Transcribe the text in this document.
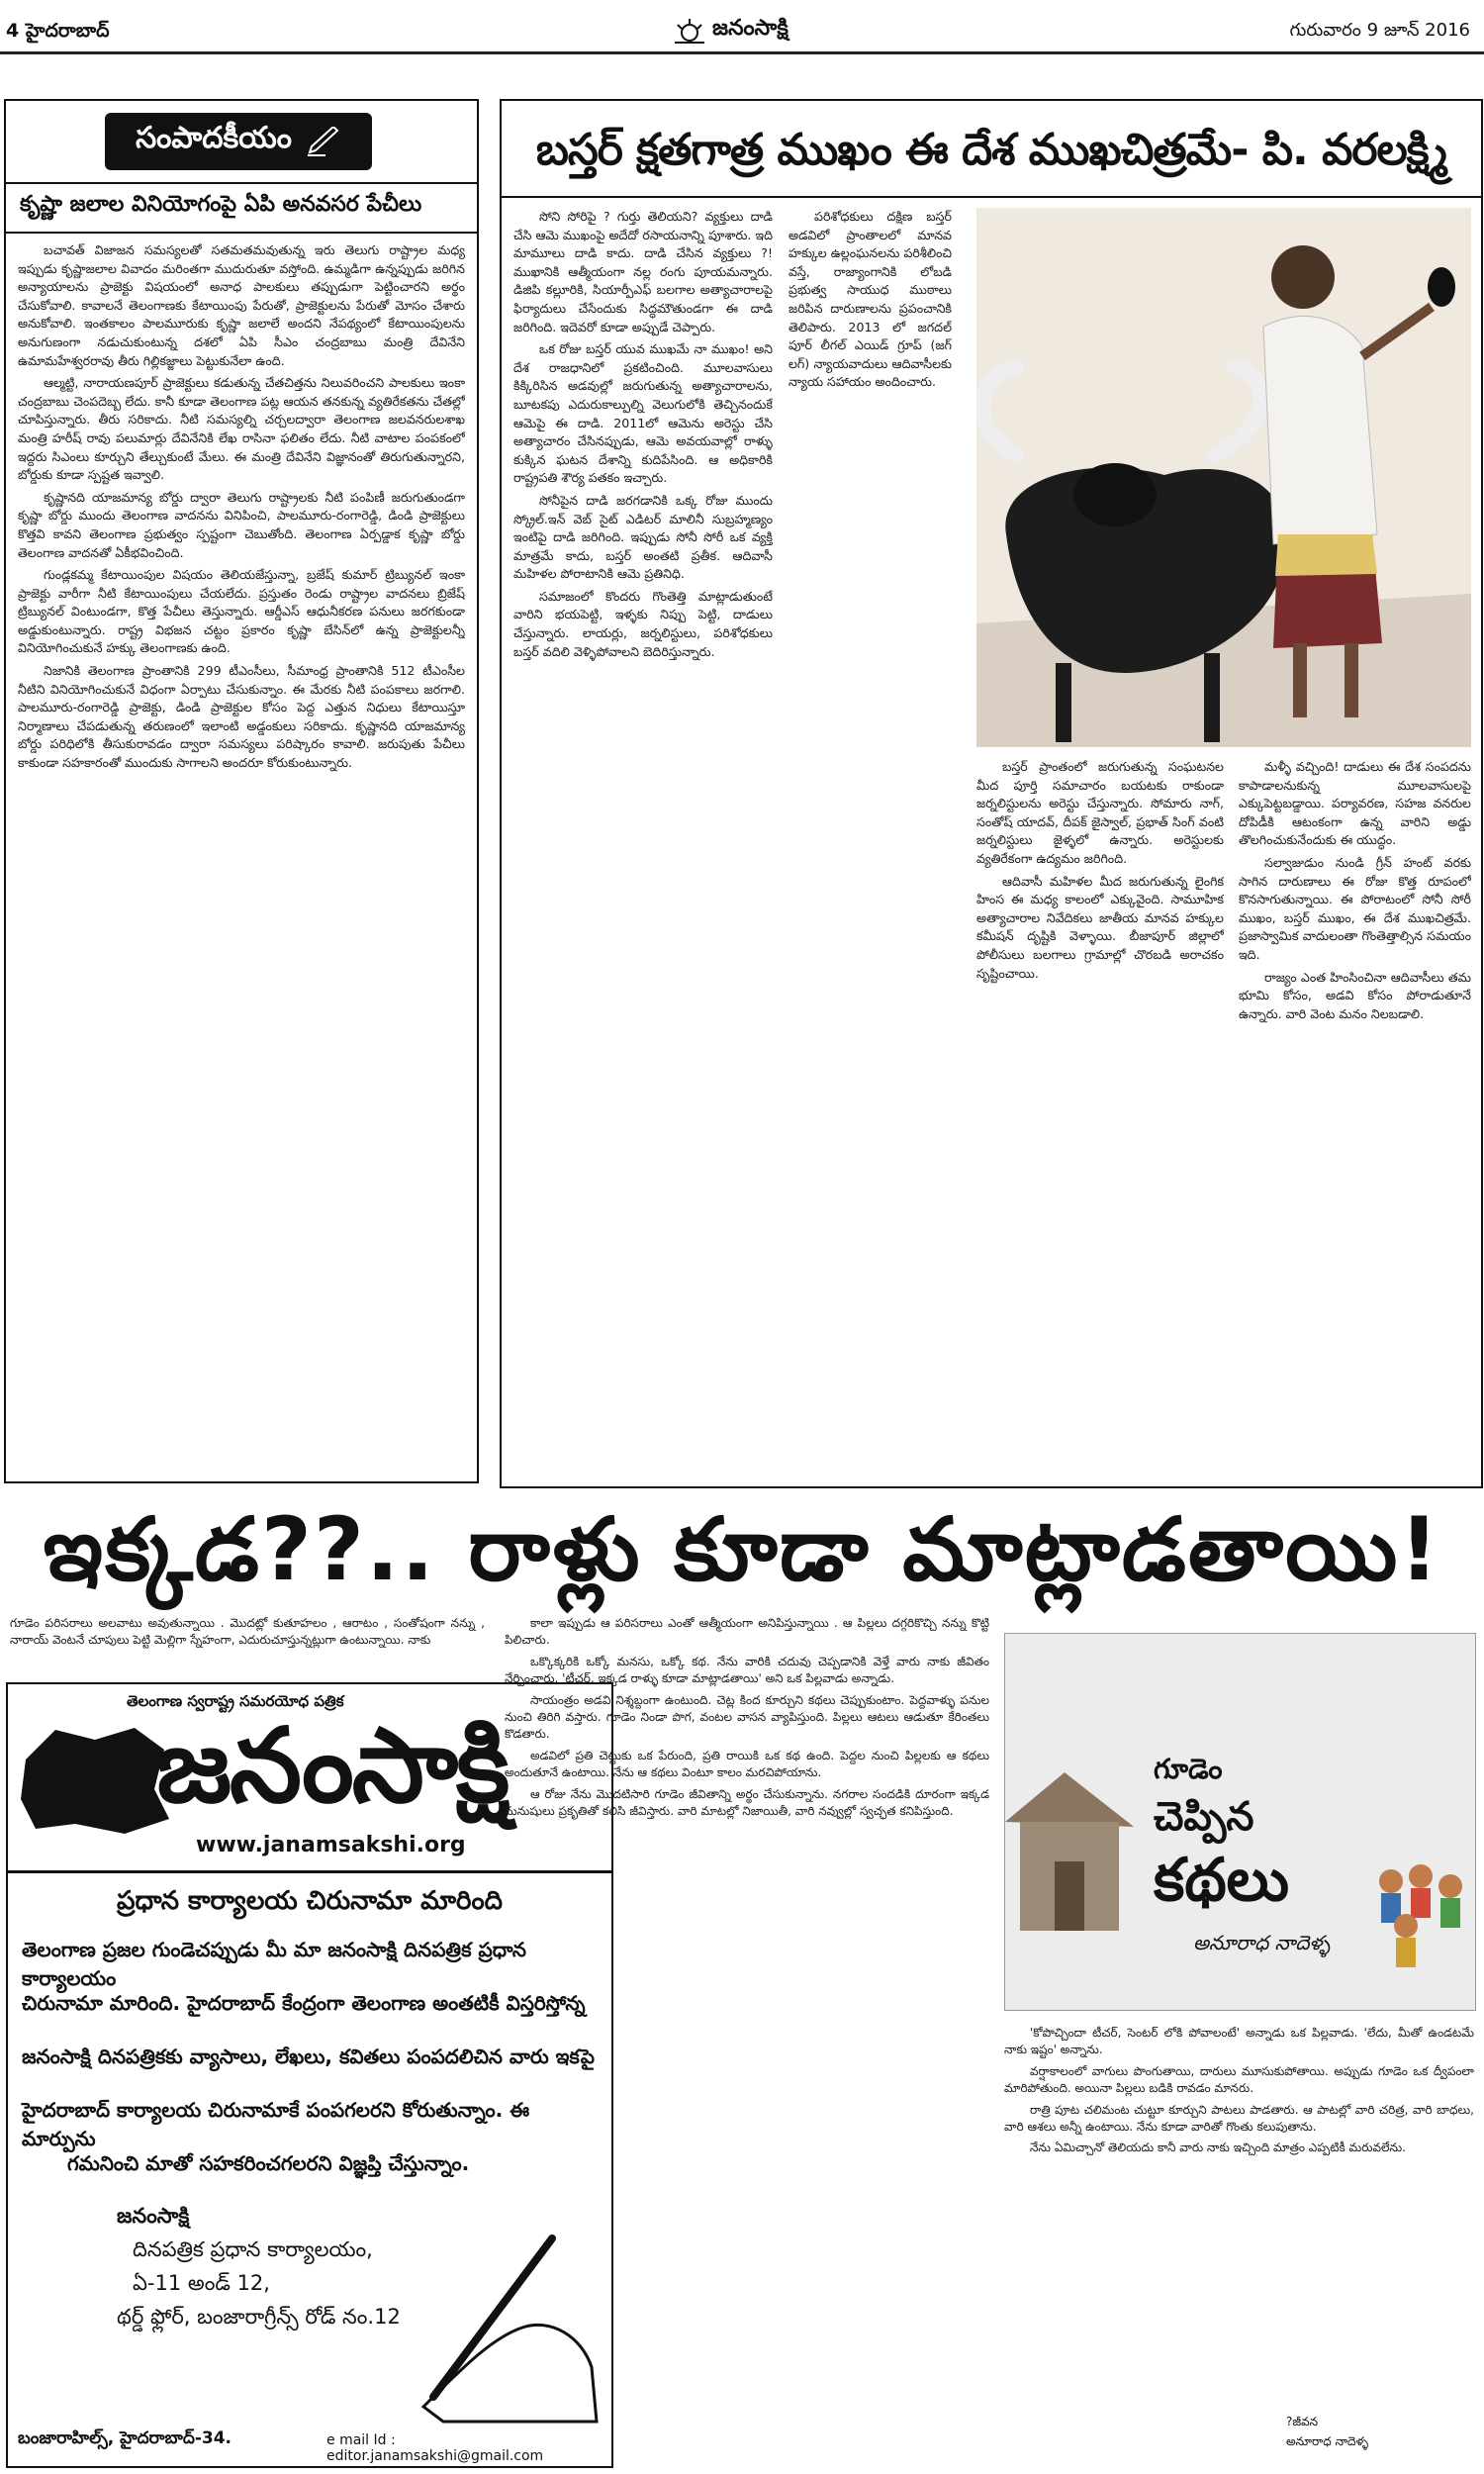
4 హైదరాబాద్	జనంసాక్షి	గురువారం 9 జూన్ 2016
సంపాదకీయం
కృష్ణా జలాల వినియోగంపై ఏపి అనవసర పేచీలు

బచావత్ విజాజన సమస్యలతో సతమతమవుతున్న ఇరు తెలుగు రాష్ట్రాల మధ్య ఇప్పుడు కృష్ణాజలాల వివాదం మరింతగా ముదురుతూ వస్తోంది. ఉమ్మడిగా ఉన్నప్పుడు జరిగిన అన్యాయాలను ప్రాజెక్టు విషయంలో అనాధ పాలకులు తప్పుడుగా పెట్టించారని అర్థం చేసుకోవాలి. కావాలనే తెలంగాణకు కేటాయింపు పేరుతో, ప్రాజెక్టులను పేరుతో మోసం చేశారు అనుకోవాలి. ఇంతకాలం పాలమూరుకు కృష్ణా జలాలే అందని నేపథ్యంలో కేటాయింపులను అనుగుణంగా నడుచుకుంటున్న దశలో ఏపి సీఎం చంద్రబాబు మంత్రి దేవినేని ఉమామహేశ్వరరావు తీరు గిల్లికజ్జాలు పెట్టుకునేలా ఉంది.

ఆల్మట్టి, నారాయణపూర్ ప్రాజెక్టులు కడుతున్న చేతచిత్తను నిలువరించని పాలకులు ఇంకా చంద్రబాబు చెంపదెబ్బ లేదు. కానీ కూడా తెలంగాణ పట్ల ఆయన తనకున్న వ్యతిరేకతను చేతల్లో చూపిస్తున్నారు. తీరు సరికాదు. నీటి సమస్యల్ని చర్చలద్వారా తెలంగాణ జలవనరులశాఖ మంత్రి హరీష్ రావు పలుమార్లు దేవినేనికి లేఖ రాసినా ఫలితం లేదు. నీటి వాటాల పంపకంలో ఇద్దరు సిఎంలు కూర్చుని తేల్చుకుంటే మేలు. ఈ మంత్రి దేవినేని విజ్ఞానంతో తిరుగుతున్నారని, బోర్డుకు కూడా స్పష్టత ఇవ్వాలి.

కృష్ణానది యాజమాన్య బోర్డు ద్వారా తెలుగు రాష్ట్రాలకు నీటి పంపిణీ జరుగుతుండగా కృష్ణా బోర్డు ముందు తెలంగాణ వాదనను వినిపించి, పాలమూరు-రంగారెడ్డి, డిండి ప్రాజెక్టులు కొత్తవి కావని తెలంగాణ ప్రభుత్వం స్పష్టంగా చెబుతోంది. తెలంగాణ ఏర్పడ్డాక కృష్ణా బోర్డు తెలంగాణ వాదనతో ఏకీభవించింది.

గుండ్లకమ్మ కేటాయింపుల విషయం తెలియజేస్తున్నా, బ్రజేష్ కుమార్ ట్రిబ్యునల్ ఇంకా ప్రాజెక్టు వారీగా నీటి కేటాయింపులు చేయలేదు. ప్రస్తుతం రెండు రాష్ట్రాల వాదనలు బ్రిజేష్ ట్రిబ్యునల్ వింటుండగా, కొత్త పేచీలు తెస్తున్నారు. ఆర్డీఎస్ ఆధునీకరణ పనులు జరగకుండా అడ్డుకుంటున్నారు. రాష్ట్ర విభజన చట్టం ప్రకారం కృష్ణా బేసిన్‌లో ఉన్న ప్రాజెక్టులన్నీ వినియోగించుకునే హక్కు తెలంగాణకు ఉంది.

నిజానికి తెలంగాణ ప్రాంతానికి 299 టీఎంసీలు, సీమాంధ్ర ప్రాంతానికి 512 టీఎంసీల నీటిని వినియోగించుకునే విధంగా ఏర్పాటు చేసుకున్నాం. ఈ మేరకు నీటి పంపకాలు జరగాలి. పాలమూరు-రంగారెడ్డి ప్రాజెక్టు, డిండి ప్రాజెక్టుల కోసం పెద్ద ఎత్తున నిధులు కేటాయిస్తూ నిర్మాణాలు చేపడుతున్న తరుణంలో ఇలాంటి అడ్డంకులు సరికాదు. కృష్ణానది యాజమాన్య బోర్డు పరిధిలోకి తీసుకురావడం ద్వారా సమస్యలు పరిష్కారం కావాలి. జరుపుతు పేచీలు కాకుండా సహకారంతో ముందుకు సాగాలని అందరూ కోరుకుంటున్నారు.

బస్తర్ క్షతగాత్ర ముఖం ఈ దేశ ముఖచిత్రమే- పి. వరలక్ష్మి

సోని సోరిపై ? గుర్తు తెలియని? వ్యక్తులు దాడి చేసి ఆమె ముఖంపై అదేదో రసాయనాన్ని పూశారు. ఇది మామూలు దాడి కాదు. దాడి చేసిన వ్యక్తులు ?! ముఖానికి ఆత్మీయంగా నల్ల రంగు పూయమన్నారు. డిజిపి కల్లూరికి, సియార్పీఎఫ్ బలగాల అత్యాచారాలపై ఫిర్యాదులు చేసేందుకు సిద్ధమౌతుండగా ఈ దాడి జరిగింది. ఇదెవరో కూడా అప్పుడే చెప్పారు.

ఒక రోజు బస్తర్ యువ ముఖమే నా ముఖం! అని దేశ రాజధానిలో ప్రకటించింది. మూలవాసులు కిక్కిరిసిన అడవుల్లో జరుగుతున్న అత్యాచారాలను, బూటకపు ఎదురుకాల్పుల్ని వెలుగులోకి తెచ్చినందుకే ఆమెపై ఈ దాడి. 2011లో ఆమెను అరెస్టు చేసి అత్యాచారం చేసినప్పుడు, ఆమె అవయవాల్లో రాళ్ళు కుక్కిన ఘటన దేశాన్ని కుదిపేసింది. ఆ అధికారికి రాష్ట్రపతి శౌర్య పతకం ఇచ్చారు.

సోనీపైన దాడి జరగడానికి ఒక్క రోజు ముందు స్క్రోల్.ఇన్ వెబ్ సైట్ ఎడిటర్ మాలినీ సుబ్రహ్మణ్యం ఇంటిపై దాడి జరిగింది. ఇప్పుడు సోనీ సోరీ ఒక వ్యక్తి మాత్రమే కాదు, బస్తర్ అంతటి ప్రతీక. ఆదివాసీ మహిళల పోరాటానికి ఆమె ప్రతినిధి.

సమాజంలో కొందరు గొంతెత్తి మాట్లాడుతుంటే వారిని భయపెట్టి, ఇళ్ళకు నిప్పు పెట్టి, దాడులు చేస్తున్నారు. లాయర్లు, జర్నలిస్టులు, పరిశోధకులు బస్తర్ వదిలి వెళ్ళిపోవాలని బెదిరిస్తున్నారు.

పరిశోధకులు దక్షిణ బస్తర్ అడవిలో ప్రాంతాలలో మానవ హక్కుల ఉల్లంఘనలను పరిశీలించి వస్తే, రాజ్యాంగానికి లోబడి ప్రభుత్వ సాయుధ ముఠాలు జరిపిన దారుణాలను ప్రపంచానికి తెలిపారు. 2013 లో జగదల్ పూర్ లీగల్ ఎయిడ్ గ్రూప్ (జగ్ లగ్) న్యాయవాదులు ఆదివాసీలకు న్యాయ సహాయం అందించారు.

బస్తర్ ప్రాంతంలో జరుగుతున్న సంఘటనల మీద పూర్తి సమాచారం బయటకు రాకుండా జర్నలిస్టులను అరెస్టు చేస్తున్నారు. సోమారు నాగ్, సంతోష్ యాదవ్, దీపక్ జైస్వాల్, ప్రభాత్ సింగ్ వంటి జర్నలిస్టులు జైళ్ళలో ఉన్నారు. అరెస్టులకు వ్యతిరేకంగా ఉద్యమం జరిగింది.

ఆదివాసీ మహిళల మీద జరుగుతున్న లైంగిక హింస ఈ మధ్య కాలంలో ఎక్కువైంది. సామూహిక అత్యాచారాల నివేదికలు జాతీయ మానవ హక్కుల కమీషన్ దృష్టికి వెళ్ళాయి. బీజాపూర్ జిల్లాలో పోలీసులు బలగాలు గ్రామాల్లో చొరబడి అరాచకం సృష్టించాయి.

మళ్ళీ వచ్చింది! దాడులు ఈ దేశ సంపదను కాపాడాలనుకున్న మూలవాసులపై ఎక్కుపెట్టబడ్డాయి. పర్యావరణ, సహజ వనరుల దోపిడీకి ఆటంకంగా ఉన్న వారిని అడ్డు తొలగించుకునేందుకు ఈ యుద్ధం.

సల్వాజుడుం నుండి గ్రీన్ హంట్ వరకు సాగిన దారుణాలు ఈ రోజు కొత్త రూపంలో కొనసాగుతున్నాయి. ఈ పోరాటంలో సోనీ సోరీ ముఖం, బస్తర్ ముఖం, ఈ దేశ ముఖచిత్రమే. ప్రజాస్వామిక వాదులంతా గొంతెత్తాల్సిన సమయం ఇది.

రాజ్యం ఎంత హింసించినా ఆదివాసీలు తమ భూమి కోసం, అడవి కోసం పోరాడుతూనే ఉన్నారు. వారి వెంట మనం నిలబడాలి.

ఇక్కడ??.. రాళ్లు కూడా మాట్లాడతాయి!

గూడెం పరిసరాలు అలవాటు అవుతున్నాయి . మొదట్లో కుతూహలం , ఆరాటం , సంతోషంగా నన్ను , నారాయ్ వెంటనే చూపులు పెట్టి మెల్లిగా స్నేహంగా, ఎదురుచూస్తున్నట్లుగా ఉంటున్నాయి. నాకు

తెలంగాణ స్వరాష్ట్ర సమరయోధ పత్రిక
జనంసాక్షి
www.janamsakshi.org
ప్రధాన కార్యాలయ చిరునామా మారింది
తెలంగాణ ప్రజల గుండెచప్పుడు మీ మా జనంసాక్షి దినపత్రిక ప్రధాన కార్యాలయం
చిరునామా మారింది. హైదరాబాద్ కేంద్రంగా తెలంగాణ అంతటికీ విస్తరిస్తోన్న
జనంసాక్షి దినపత్రికకు వ్యాసాలు, లేఖలు, కవితలు పంపదలిచిన వారు ఇకపై
హైదరాబాద్ కార్యాలయ చిరునామాకే పంపగలరని కోరుతున్నాం. ఈ మార్పును
గమనించి మాతో సహకరించగలరని విజ్ఞప్తి చేస్తున్నాం.
జనంసాక్షి
దినపత్రిక ప్రధాన కార్యాలయం,
ఏ-11 అండ్ 12,
థర్డ్ ఫ్లోర్, బంజారాగ్రీన్స్ రోడ్ నం.12
బంజారాహిల్స్, హైదరాబాద్-34.	e mail Id : editor.janamsakshi@gmail.com

కాలా ఇప్పుడు ఆ పరిసరాలు ఎంతో ఆత్మీయంగా అనిపిస్తున్నాయి . ఆ పిల్లలు దగ్గరికొచ్చి నన్ను కొట్టి పిలిచారు.

ఒక్కొక్కరికి ఒక్కో మనసు, ఒక్కో కథ. నేను వారికి చదువు చెప్పడానికి వెళ్తే వారు నాకు జీవితం నేర్పించారు. 'టీచర్, ఇక్కడ రాళ్ళు కూడా మాట్లాడతాయి' అని ఒక పిల్లవాడు అన్నాడు.

సాయంత్రం అడవి నిశ్శబ్దంగా ఉంటుంది. చెట్ల కింద కూర్చుని కథలు చెప్పుకుంటాం. పెద్దవాళ్ళు పనుల నుంచి తిరిగి వస్తారు. గూడెం నిండా పొగ, వంటల వాసన వ్యాపిస్తుంది. పిల్లలు ఆటలు ఆడుతూ కేరింతలు కొడతారు.

అడవిలో ప్రతి చెట్టుకు ఒక పేరుంది, ప్రతి రాయికి ఒక కథ ఉంది. పెద్దల నుంచి పిల్లలకు ఆ కథలు అందుతూనే ఉంటాయి. నేను ఆ కథలు వింటూ కాలం మరచిపోయాను.

ఆ రోజు నేను మొదటిసారి గూడెం జీవితాన్ని అర్థం చేసుకున్నాను. నగరాల సందడికి దూరంగా ఇక్కడ మనుషులు ప్రకృతితో కలిసి జీవిస్తారు. వారి మాటల్లో నిజాయితీ, వారి నవ్వుల్లో స్వచ్ఛత కనిపిస్తుంది.

గూడెం
చెప్పిన
కథలు
అనూరాధ నాదెళ్ళ

'కోపొచ్చిందా టీచర్, సెంటర్ లోకి పోవాలంటే' అన్నాడు ఒక పిల్లవాడు. 'లేదు, మీతో ఉండటమే నాకు ఇష్టం' అన్నాను.

వర్షాకాలంలో వాగులు పొంగుతాయి, దారులు మూసుకుపోతాయి. అప్పుడు గూడెం ఒక ద్వీపంలా మారిపోతుంది. అయినా పిల్లలు బడికి రావడం మానరు.

రాత్రి పూట చలిమంట చుట్టూ కూర్చుని పాటలు పాడతారు. ఆ పాటల్లో వారి చరిత్ర, వారి బాధలు, వారి ఆశలు అన్నీ ఉంటాయి. నేను కూడా వారితో గొంతు కలుపుతాను.

నేను ఏమిచ్చానో తెలియదు కానీ వారు నాకు ఇచ్చింది మాత్రం ఎప్పటికీ మరువలేను.

?జీవన
అనూరాధ నాదెళ్ళ
